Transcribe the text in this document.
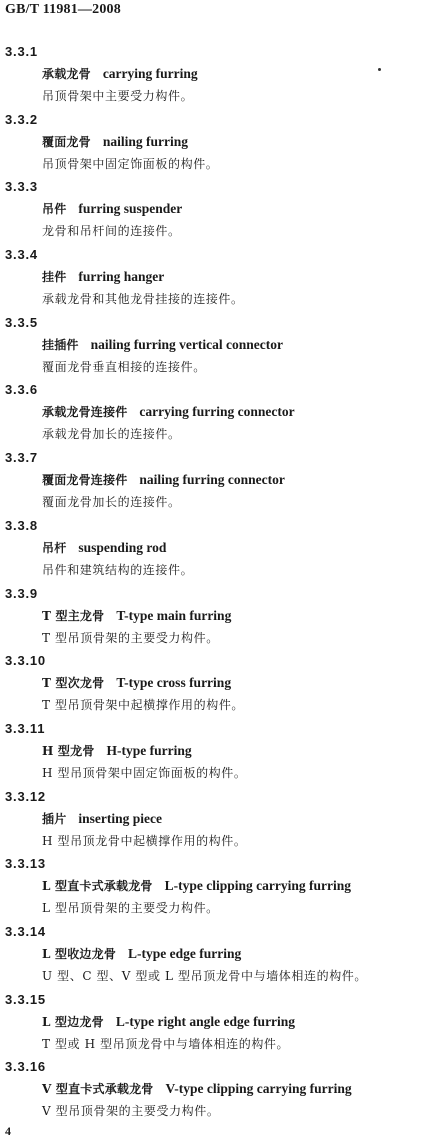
GB/T 11981—2008
3.3.1
承载龙骨 carrying furring
吊顶骨架中主要受力构件。
3.3.2
覆面龙骨 nailing furring
吊顶骨架中固定饰面板的构件。
3.3.3
吊件 furring suspender
龙骨和吊杆间的连接件。
3.3.4
挂件 furring hanger
承载龙骨和其他龙骨挂接的连接件。
3.3.5
挂插件 nailing furring vertical connector
覆面龙骨垂直相接的连接件。
3.3.6
承载龙骨连接件 carrying furring connector
承载龙骨加长的连接件。
3.3.7
覆面龙骨连接件 nailing furring connector
覆面龙骨加长的连接件。
3.3.8
吊杆 suspending rod
吊件和建筑结构的连接件。
3.3.9
T 型主龙骨 T-type main furring
T 型吊顶骨架的主要受力构件。
3.3.10
T 型次龙骨 T-type cross furring
T 型吊顶骨架中起横撑作用的构件。
3.3.11
H 型龙骨 H-type furring
H 型吊顶骨架中固定饰面板的构件。
3.3.12
插片 inserting piece
H 型吊顶龙骨中起横撑作用的构件。
3.3.13
L 型直卡式承载龙骨 L-type clipping carrying furring
L 型吊顶骨架的主要受力构件。
3.3.14
L 型收边龙骨 L-type edge furring
U 型、C 型、V 型或 L 型吊顶龙骨中与墙体相连的构件。
3.3.15
L 型边龙骨 L-type right angle edge furring
T 型或 H 型吊顶龙骨中与墙体相连的构件。
3.3.16
V 型直卡式承载龙骨 V-type clipping carrying furring
V 型吊顶骨架的主要受力构件。
4
